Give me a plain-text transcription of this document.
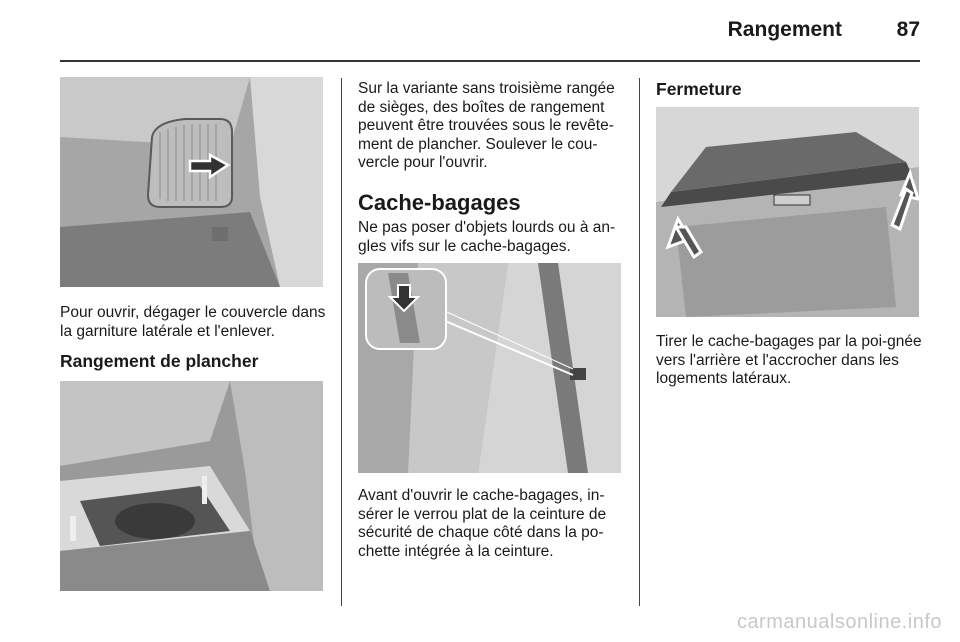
Rangement	87
Pour ouvrir, dégager le couvercle dans la garniture latérale et l'enlever.
Rangement de plancher
Sur la variante sans troisième rangée de sièges, des boîtes de rangement peuvent être trouvées sous le revête-ment de plancher. Soulever le cou-vercle pour l'ouvrir.
Cache-bagages
Ne pas poser d'objets lourds ou à an-gles vifs sur le cache-bagages.
Avant d'ouvrir le cache-bagages, in-sérer le verrou plat de la ceinture de sécurité de chaque côté dans la po-chette intégrée à la ceinture.
Fermeture
Tirer le cache-bagages par la poi-gnée vers l'arrière et l'accrocher dans les logements latéraux.
carmanualsonline.info
